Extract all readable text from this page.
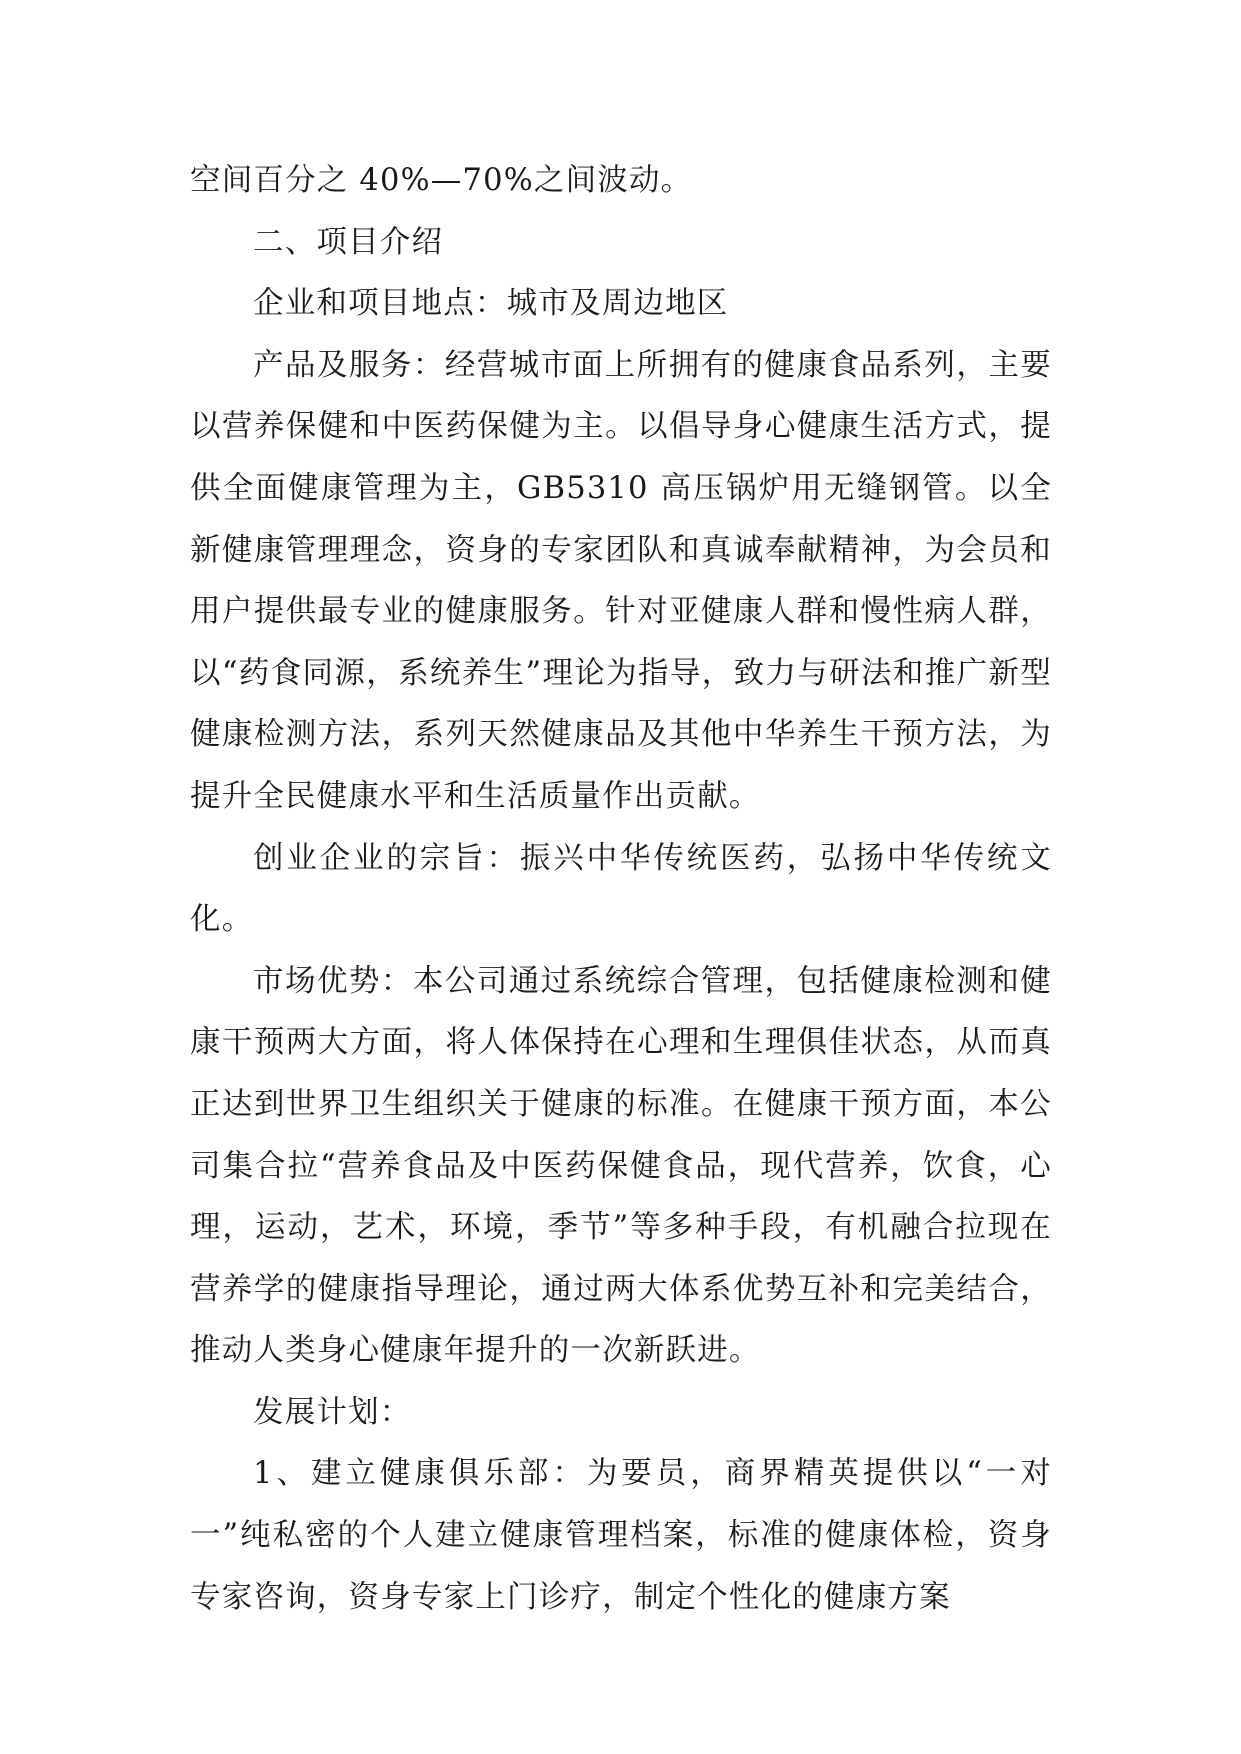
空间百分之 40%—70%之间波动。

二、项目介绍

企业和项目地点：城市及周边地区

产品及服务：经营城市面上所拥有的健康食品系列，主要以营养保健和中医药保健为主。以倡导身心健康生活方式，提供全面健康管理为主，GB5310 高压锅炉用无缝钢管。以全新健康管理理念，资身的专家团队和真诚奉献精神，为会员和用户提供最专业的健康服务。针对亚健康人群和慢性病人群，以“药食同源，系统养生”理论为指导，致力与研法和推广新型健康检测方法，系列天然健康品及其他中华养生干预方法，为提升全民健康水平和生活质量作出贡献。

创业企业的宗旨：振兴中华传统医药，弘扬中华传统文化。

市场优势：本公司通过系统综合管理，包括健康检测和健康干预两大方面，将人体保持在心理和生理俱佳状态，从而真正达到世界卫生组织关于健康的标准。在健康干预方面，本公司集合拉“营养食品及中医药保健食品，现代营养，饮食，心理，运动，艺术，环境，季节”等多种手段，有机融合拉现在营养学的健康指导理论，通过两大体系优势互补和完美结合，推动人类身心健康年提升的一次新跃进。

发展计划：

1、建立健康俱乐部：为要员，商界精英提供以“一对一”纯私密的个人建立健康管理档案，标准的健康体检，资身专家咨询，资身专家上门诊疗，制定个性化的健康方案
